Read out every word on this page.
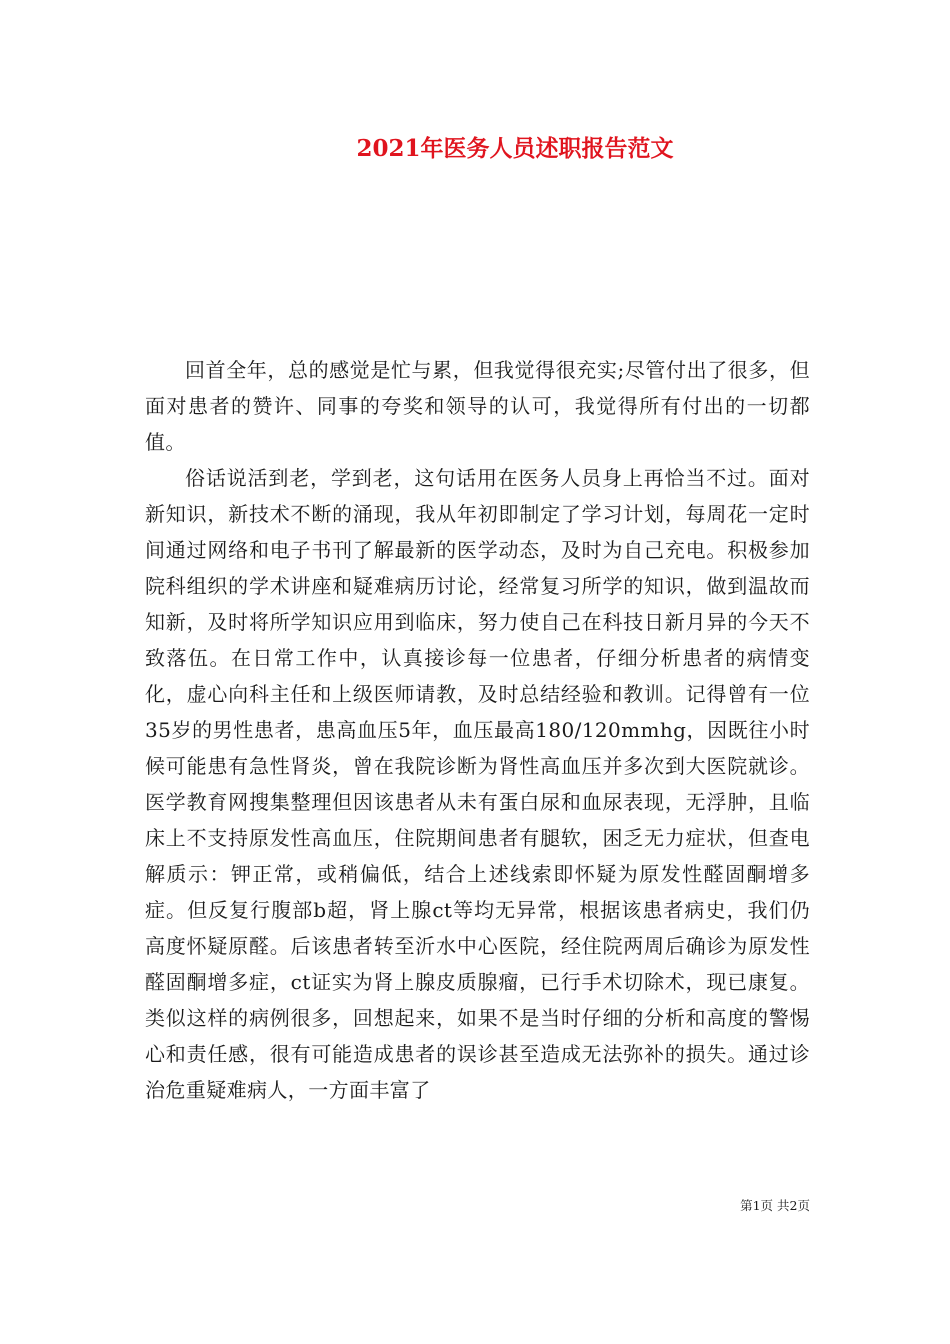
2021年医务人员述职报告范文

回首全年，总的感觉是忙与累，但我觉得很充实;尽管付出了很多，但面对患者的赞许、同事的夸奖和领导的认可，我觉得所有付出的一切都值。

俗话说活到老，学到老，这句话用在医务人员身上再恰当不过。面对新知识，新技术不断的涌现，我从年初即制定了学习计划，每周花一定时间通过网络和电子书刊了解最新的医学动态，及时为自己充电。积极参加院科组织的学术讲座和疑难病历讨论，经常复习所学的知识，做到温故而知新，及时将所学知识应用到临床，努力使自己在科技日新月异的今天不致落伍。在日常工作中，认真接诊每一位患者，仔细分析患者的病情变化，虚心向科主任和上级医师请教，及时总结经验和教训。记得曾有一位35岁的男性患者，患高血压5年，血压最高180/120mmhg，因既往小时候可能患有急性肾炎，曾在我院诊断为肾性高血压并多次到大医院就诊。医学教育网搜集整理但因该患者从未有蛋白尿和血尿表现，无浮肿，且临床上不支持原发性高血压，住院期间患者有腿软，困乏无力症状，但查电解质示：钾正常，或稍偏低，结合上述线索即怀疑为原发性醛固酮增多症。但反复行腹部b超，肾上腺ct等均无异常，根据该患者病史，我们仍高度怀疑原醛。后该患者转至沂水中心医院，经住院两周后确诊为原发性醛固酮增多症，ct证实为肾上腺皮质腺瘤，已行手术切除术，现已康复。类似这样的病例很多，回想起来，如果不是当时仔细的分析和高度的警惕心和责任感，很有可能造成患者的误诊甚至造成无法弥补的损失。通过诊治危重疑难病人，一方面丰富了

第1页 共2页
